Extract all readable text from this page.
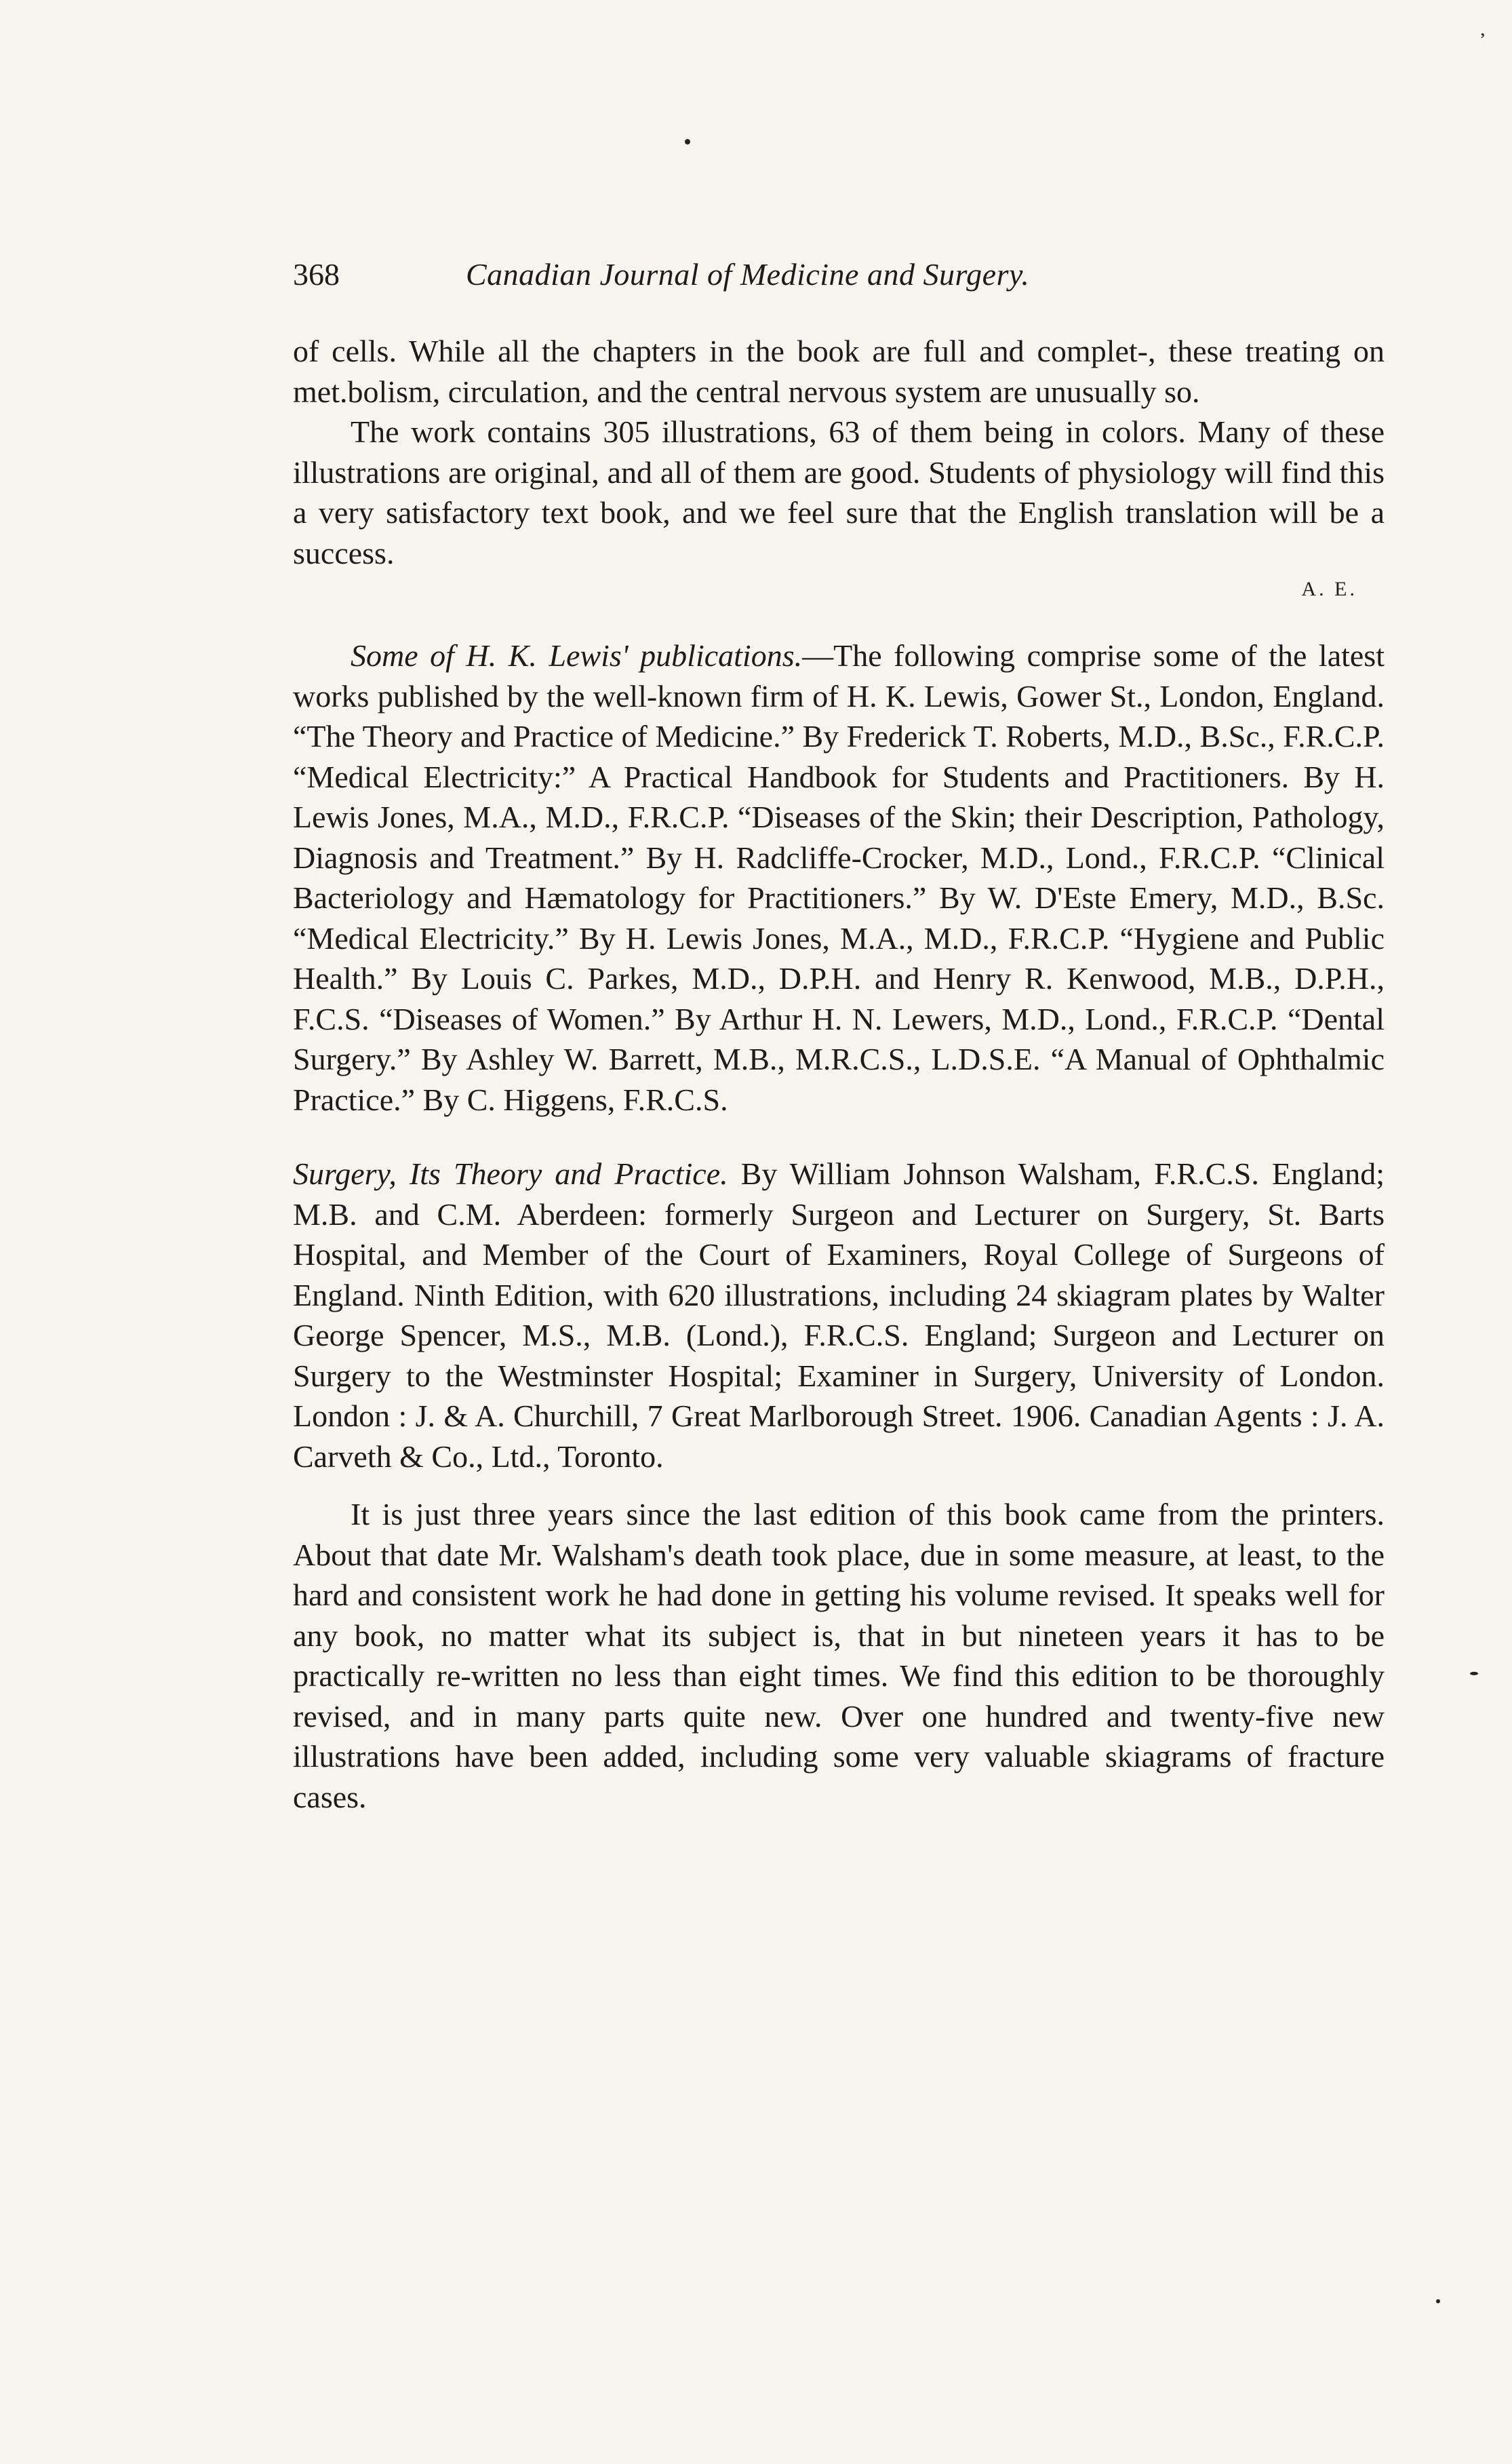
᾿
368	Canadian Journal of Medicine and Surgery.

of cells. While all the chapters in the book are full and complet-, these treating on met.bolism, circulation, and the central nervous system are unusually so.

The work contains 305 illustrations, 63 of them being in colors. Many of these illustrations are original, and all of them are good. Students of physiology will find this a very satisfactory text book, and we feel sure that the English translation will be a success.

A. E.

Some of H. K. Lewis' publications.—The following comprise some of the latest works published by the well-known firm of H. K. Lewis, Gower St., London, England. “The Theory and Practice of Medicine.” By Frederick T. Roberts, M.D., B.Sc., F.R.C.P. “Medical Electricity:” A Practical Handbook for Students and Practitioners. By H. Lewis Jones, M.A., M.D., F.R.C.P. “Diseases of the Skin; their Description, Pathology, Diagnosis and Treatment.” By H. Radcliffe-Crocker, M.D., Lond., F.R.C.P. “Clinical Bacteriology and Hæmatology for Practitioners.” By W. D'Este Emery, M.D., B.Sc. “Medical Electricity.” By H. Lewis Jones, M.A., M.D., F.R.C.P. “Hygiene and Public Health.” By Louis C. Parkes, M.D., D.P.H. and Henry R. Kenwood, M.B., D.P.H., F.C.S. “Diseases of Women.” By Arthur H. N. Lewers, M.D., Lond., F.R.C.P. “Dental Surgery.” By Ashley W. Barrett, M.B., M.R.C.S., L.D.S.E. “A Manual of Ophthalmic Practice.” By C. Higgens, F.R.C.S.

Surgery, Its Theory and Practice. By William Johnson Walsham, F.R.C.S. England; M.B. and C.M. Aberdeen: formerly Surgeon and Lecturer on Surgery, St. Barts Hospital, and Member of the Court of Examiners, Royal College of Surgeons of England. Ninth Edition, with 620 illustrations, including 24 skiagram plates by Walter George Spencer, M.S., M.B. (Lond.), F.R.C.S. England; Surgeon and Lecturer on Surgery to the Westminster Hospital; Examiner in Surgery, University of London. London : J. & A. Churchill, 7 Great Marlborough Street. 1906. Canadian Agents : J. A. Carveth & Co., Ltd., Toronto.

It is just three years since the last edition of this book came from the printers. About that date Mr. Walsham's death took place, due in some measure, at least, to the hard and consistent work he had done in getting his volume revised. It speaks well for any book, no matter what its subject is, that in but nineteen years it has to be practically re-written no less than eight times. We find this edition to be thoroughly revised, and in many parts quite new. Over one hundred and twenty-five new illustrations have been added, including some very valuable skiagrams of fracture cases.
